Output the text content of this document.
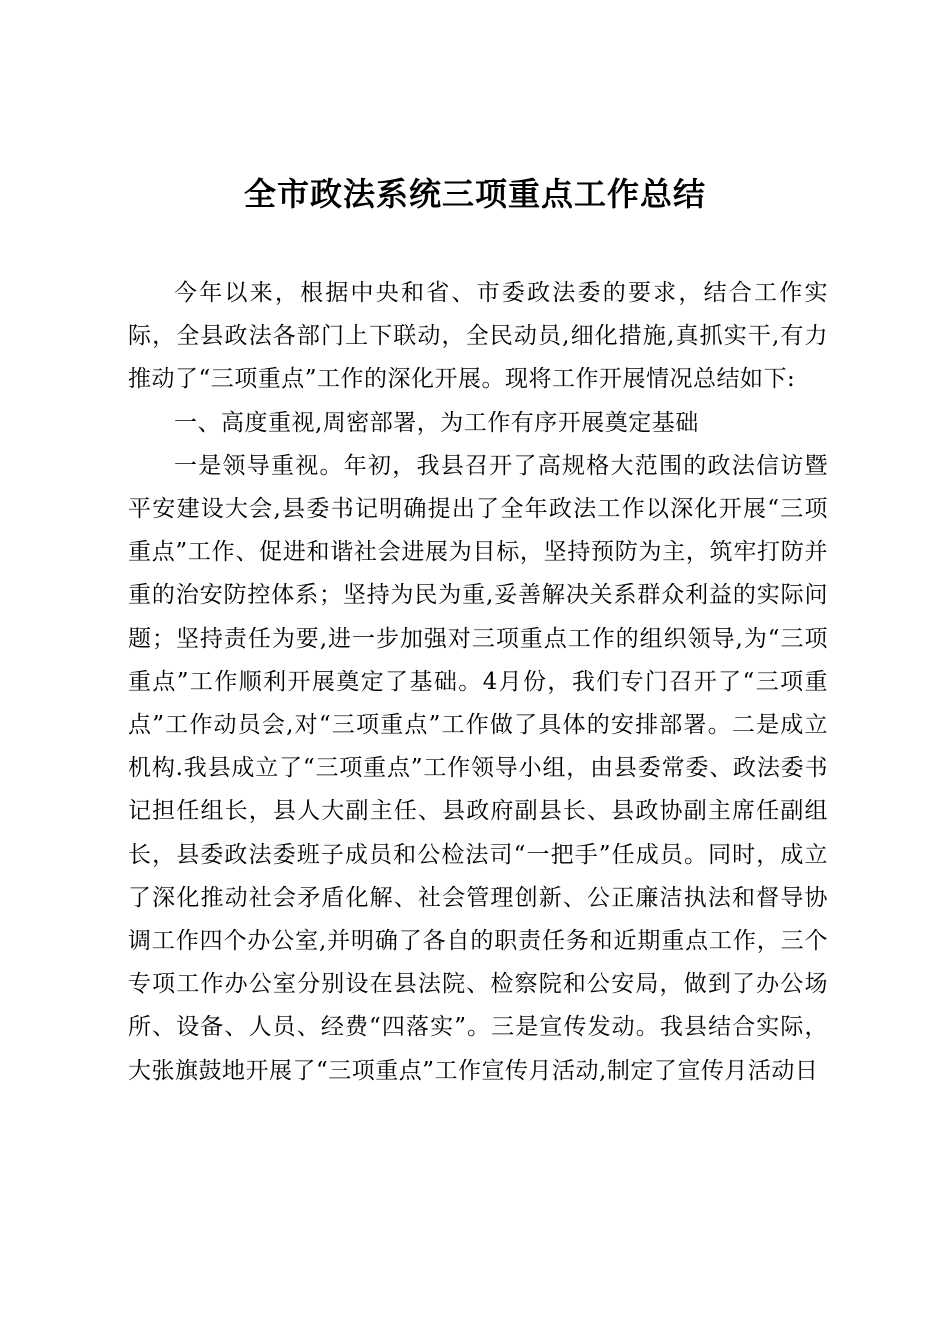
全市政法系统三项重点工作总结

今年以来，根据中央和省、市委政法委的要求，结合工作实际，全县政法各部门上下联动，全民动员,细化措施,真抓实干,有力推动了“三项重点”工作的深化开展。现将工作开展情况总结如下:

一、高度重视,周密部署，为工作有序开展奠定基础

一是领导重视。年初，我县召开了高规格大范围的政法信访暨平安建设大会,县委书记明确提出了全年政法工作以深化开展“三项重点”工作、促进和谐社会进展为目标，坚持预防为主，筑牢打防并重的治安防控体系；坚持为民为重,妥善解决关系群众利益的实际问题；坚持责任为要,进一步加强对三项重点工作的组织领导,为“三项重点”工作顺利开展奠定了基础。4月份，我们专门召开了“三项重点”工作动员会,对“三项重点”工作做了具体的安排部署。二是成立机构.我县成立了“三项重点”工作领导小组，由县委常委、政法委书记担任组长，县人大副主任、县政府副县长、县政协副主席任副组长，县委政法委班子成员和公检法司“一把手”任成员。同时，成立了深化推动社会矛盾化解、社会管理创新、公正廉洁执法和督导协调工作四个办公室,并明确了各自的职责任务和近期重点工作，三个专项工作办公室分别设在县法院、检察院和公安局，做到了办公场所、设备、人员、经费“四落实”。三是宣传发动。我县结合实际，大张旗鼓地开展了“三项重点”工作宣传月活动,制定了宣传月活动日
